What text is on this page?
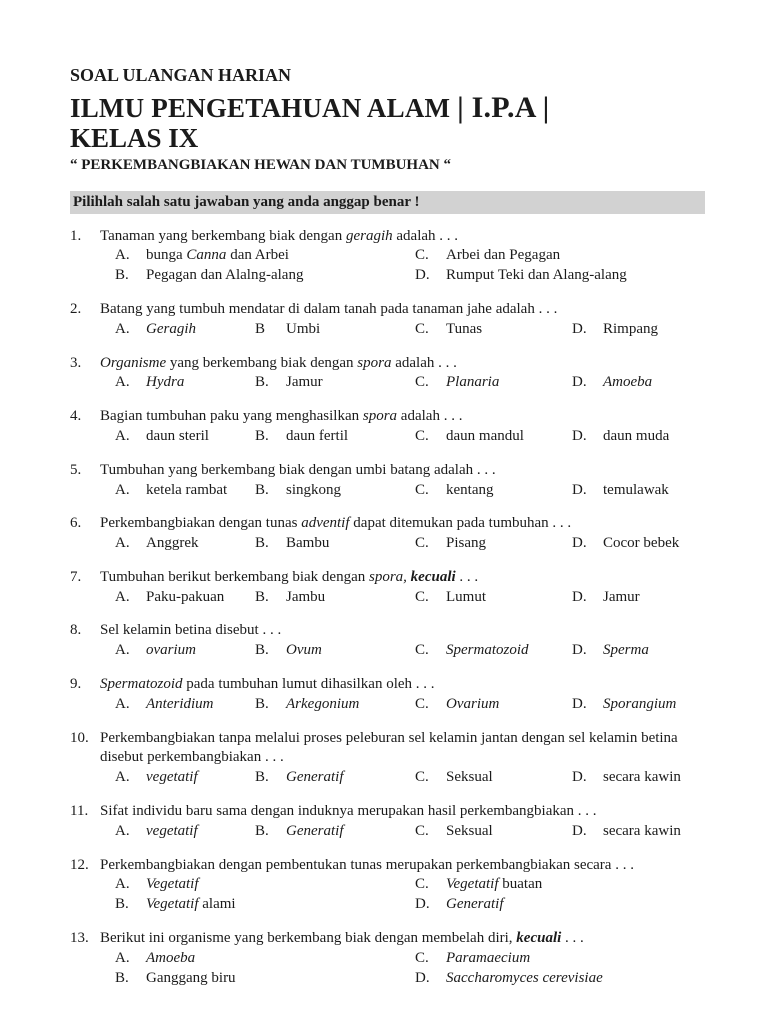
SOAL ULANGAN HARIAN
ILMU PENGETAHUAN ALAM | I.P.A |
KELAS IX
“ PERKEMBANGBIAKAN HEWAN DAN TUMBUHAN “
Pilihlah salah satu jawaban yang anda anggap benar !
1.	Tanaman yang berkembang biak dengan geragih adalah . . .
A.	bunga Canna dan Arbei	C.	Arbei dan Pegagan
B.	Pegagan dan Alalng-alang	D.	Rumput Teki dan Alang-alang
2.	Batang yang tumbuh mendatar di dalam tanah pada tanaman jahe adalah . . .
A.	Geragih	B	Umbi	C.	Tunas	D.	Rimpang
3.	Organisme yang berkembang biak dengan spora adalah . . .
A.	Hydra	B.	Jamur	C.	Planaria	D.	Amoeba
4.	Bagian tumbuhan paku yang menghasilkan spora adalah . . .
A.	daun steril	B.	daun fertil	C.	daun mandul	D.	daun muda
5.	Tumbuhan yang berkembang biak dengan umbi batang adalah . . .
A.	ketela rambat	B.	singkong	C.	kentang	D.	temulawak
6.	Perkembangbiakan dengan tunas adventif dapat ditemukan pada tumbuhan . . .
A.	Anggrek	B.	Bambu	C.	Pisang	D.	Cocor bebek
7.	Tumbuhan berikut berkembang biak dengan spora, kecuali . . .
A.	Paku-pakuan	B.	Jambu	C.	Lumut	D.	Jamur
8.	Sel kelamin betina disebut . . .
A.	ovarium	B.	Ovum	C.	Spermatozoid	D.	Sperma
9.	Spermatozoid pada tumbuhan lumut dihasilkan oleh . . .
A.	Anteridium	B.	Arkegonium	C.	Ovarium	D.	Sporangium
10. Perkembangbiakan tanpa melalui proses peleburan sel kelamin jantan dengan sel kelamin betina
disebut perkembangbiakan . . .
A.	vegetatif	B.	Generatif	C.	Seksual	D.	secara kawin
11. Sifat individu baru sama dengan induknya merupakan hasil perkembangbiakan . . .
A.	vegetatif	B.	Generatif	C.	Seksual	D.	secara kawin
12. Perkembangbiakan dengan pembentukan tunas merupakan perkembangbiakan secara . . .
A.	Vegetatif	C.	Vegetatif buatan
B.	Vegetatif alami	D.	Generatif
13. Berikut ini organisme yang berkembang biak dengan membelah diri, kecuali . . .
A.	Amoeba	C.	Paramaecium
B.	Ganggang biru	D.	Saccharomyces cerevisiae
